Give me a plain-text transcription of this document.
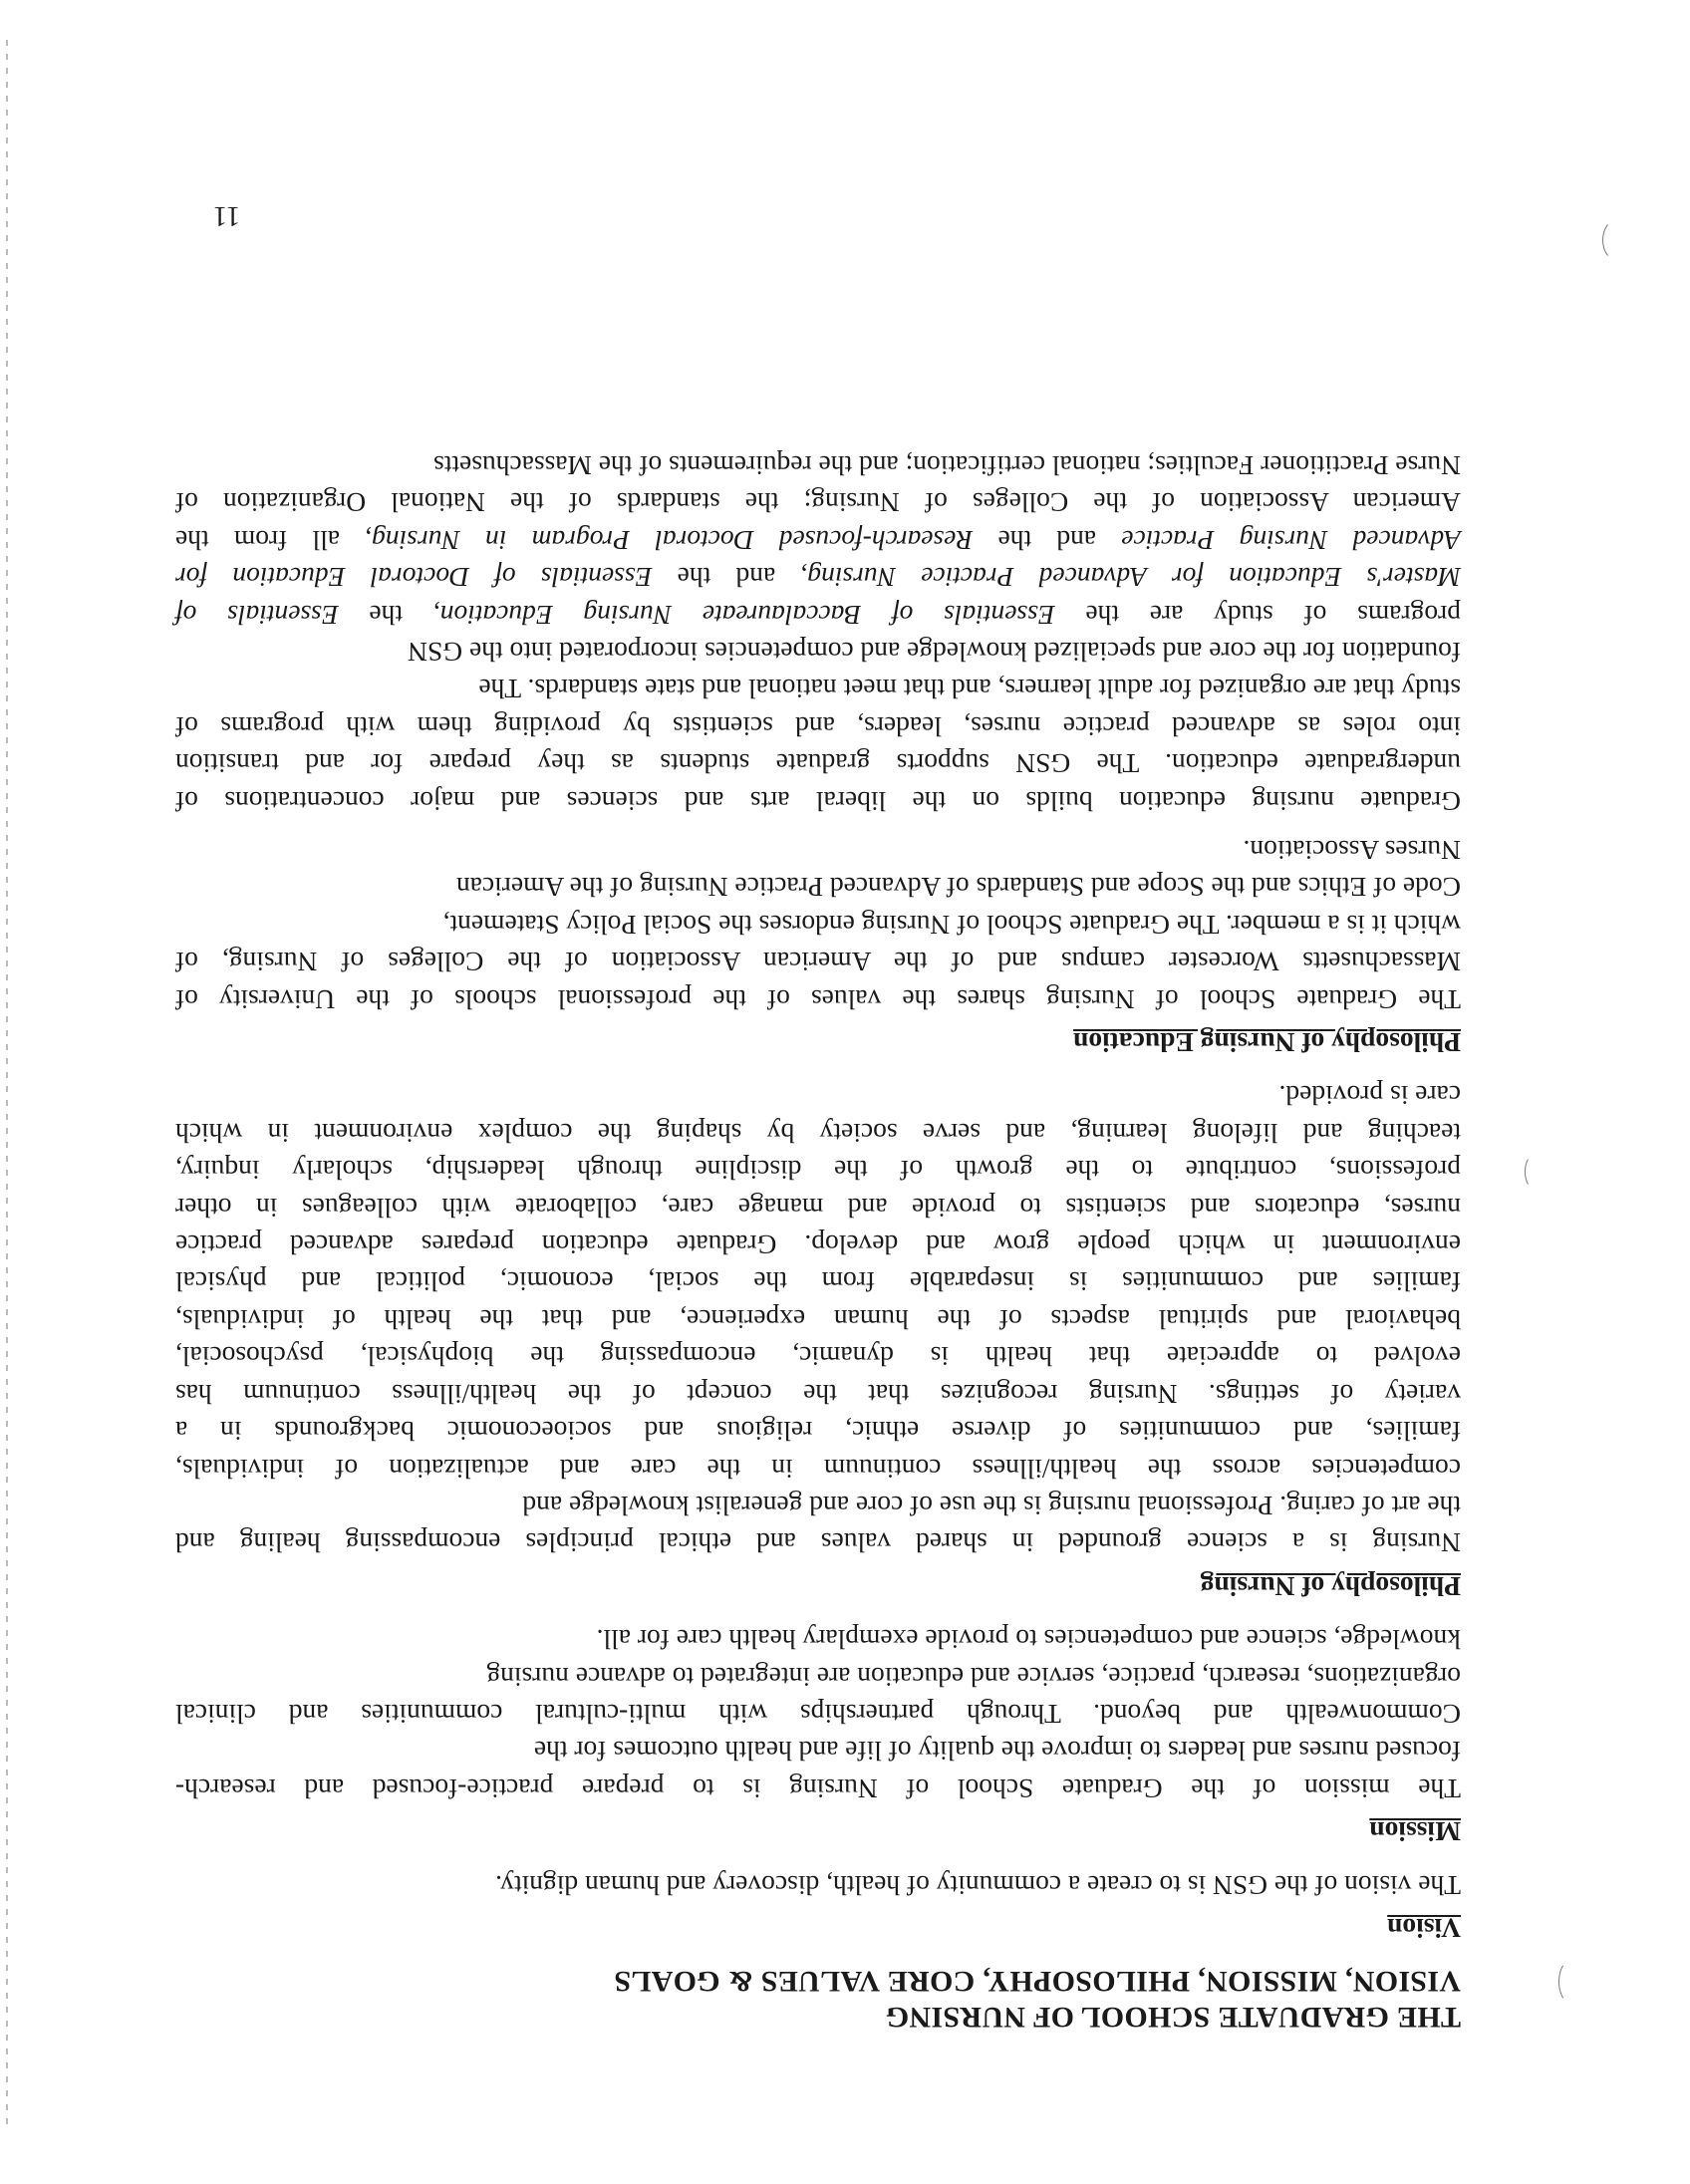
THE GRADUATE SCHOOL OF NURSING
VISION, MISSION, PHILOSOPHY, CORE VALUES & GOALS
Vision
The vision of the GSN is to create a community of health, discovery and human dignity.
Mission
The mission of the Graduate School of Nursing is to prepare practice-focused and research-
focused nurses and leaders to improve the quality of life and health outcomes for the
Commonwealth and beyond. Through partnerships with multi-cultural communities and clinical
organizations, research, practice, service and education are integrated to advance nursing
knowledge, science and competencies to provide exemplary health care for all.
Philosophy of Nursing
Nursing is a science grounded in shared values and ethical principles encompassing healing and
the art of caring. Professional nursing is the use of core and generalist knowledge and
competencies across the health/illness continuum in the care and actualization of individuals,
families, and communities of diverse ethnic, religious and socioeconomic backgrounds in a
variety of settings. Nursing recognizes that the concept of the health/illness continuum has
evolved to appreciate that health is dynamic, encompassing the biophysical, psychosocial,
behavioral and spiritual aspects of the human experience, and that the health of individuals,
families and communities is inseparable from the social, economic, political and physical
environment in which people grow and develop. Graduate education prepares advanced practice
nurses, educators and scientists to provide and manage care, collaborate with colleagues in other
professions, contribute to the growth of the discipline through leadership, scholarly inquiry,
teaching and lifelong learning, and serve society by shaping the complex environment in which
care is provided.
Philosophy of Nursing Education
The Graduate School of Nursing shares the values of the professional schools of the University of
Massachusetts Worcester campus and of the American Association of the Colleges of Nursing, of
which it is a member. The Graduate School of Nursing endorses the Social Policy Statement,
Code of Ethics and the Scope and Standards of Advanced Practice Nursing of the American
Nurses Association.
Graduate nursing education builds on the liberal arts and sciences and major concentrations of
undergraduate education. The GSN supports graduate students as they prepare for and transition
into roles as advanced practice nurses, leaders, and scientists by providing them with programs of
study that are organized for adult learners, and that meet national and state standards. The
foundation for the core and specialized knowledge and competencies incorporated into the GSN
programs of study are the Essentials of Baccalaureate Nursing Education, the Essentials of
Master's Education for Advanced Practice Nursing, and the Essentials of Doctoral Education for
Advanced Nursing Practice and the Research-focused Doctoral Program in Nursing, all from the
American Association of the Colleges of Nursing; the standards of the National Organization of
Nurse Practitioner Faculties; national certification; and the requirements of the Massachusetts
11
